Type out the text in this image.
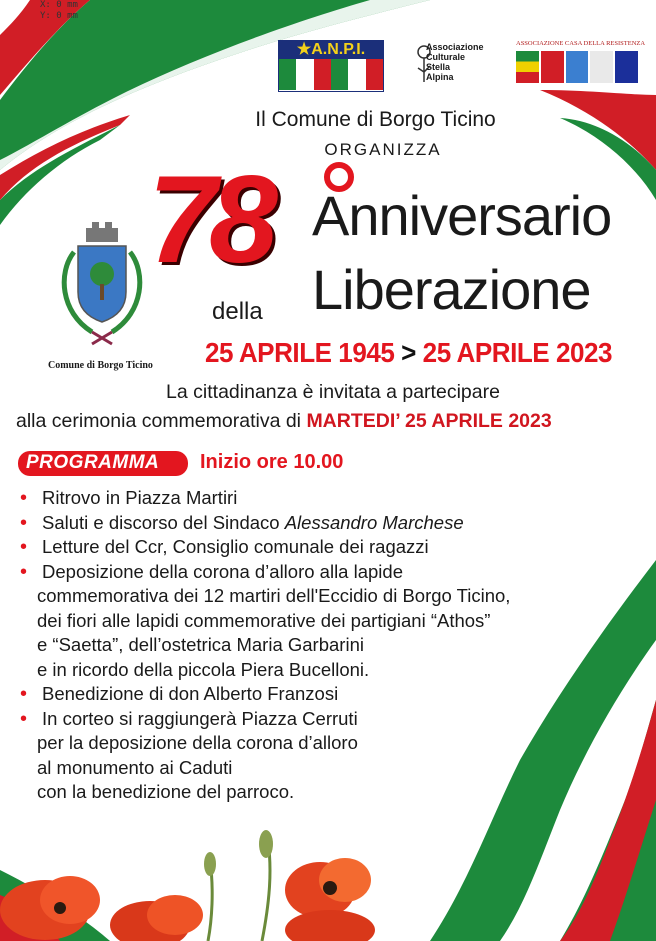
X: 0 mm
Y: 0 mm
★A.N.P.I.	Associazione
Culturale
Stella
Alpina
ASSOCIAZIONE CASA DELLA RESISTENZA
Il Comune di Borgo Ticino
ORGANIZZA
78 Anniversario
della Liberazione
25 APRILE 1945 > 25 APRILE 2023
Comune di Borgo Ticino
La cittadinanza è invitata a partecipare
alla cerimonia commemorativa di MARTEDI’ 25 APRILE 2023
PROGRAMMA Inizio ore 10.00
• Ritrovo in Piazza Martiri
• Saluti e discorso del Sindaco Alessandro Marchese
• Letture del Ccr, Consiglio comunale dei ragazzi
• Deposizione della corona d’alloro alla lapide
commemorativa dei 12 martiri dell'Eccidio di Borgo Ticino,
dei fiori alle lapidi commemorative dei partigiani “Athos”
e “Saetta”, dell’ostetrica Maria Garbarini
e in ricordo della piccola Piera Bucelloni.
• Benedizione di don Alberto Franzosi
• In corteo si raggiungerà Piazza Cerruti
per la deposizione della corona d’alloro
al monumento ai Caduti
con la benedizione del parroco.
